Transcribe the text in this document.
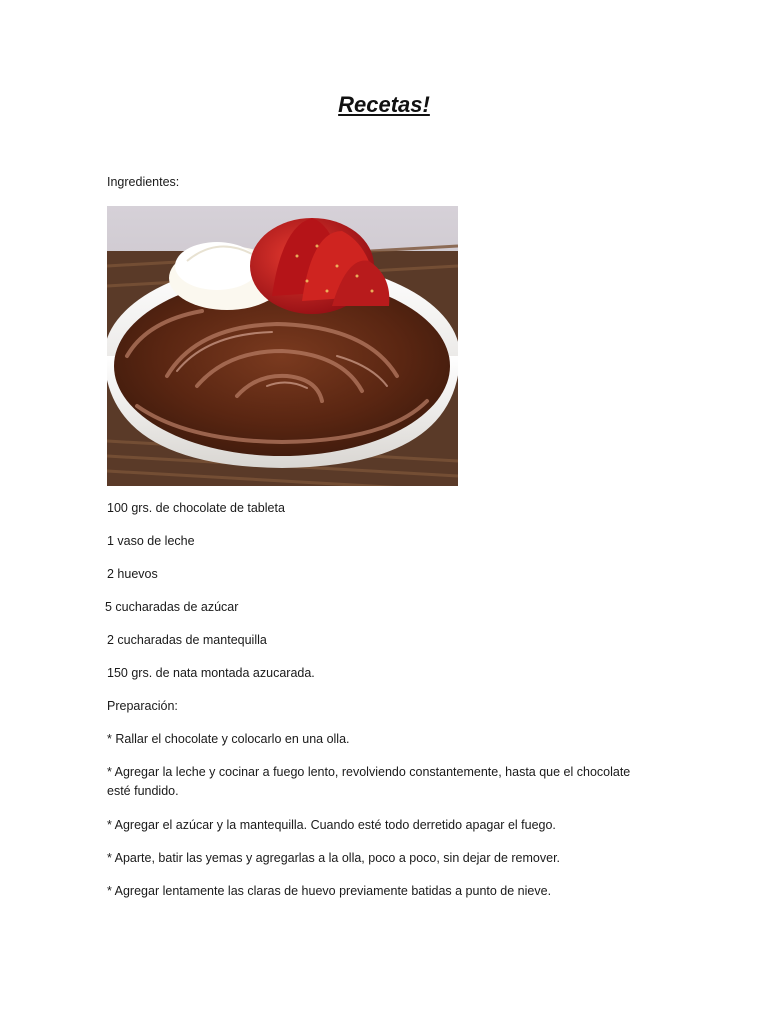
Recetas!
Ingredientes:
100 grs. de chocolate de tableta
1 vaso de leche
2 huevos
5 cucharadas de azúcar
2 cucharadas de mantequilla
150 grs. de nata montada azucarada.
Preparación:
* Rallar el chocolate y colocarlo en una olla.
* Agregar la leche y cocinar a fuego lento, revolviendo constantemente, hasta que el chocolate esté fundido.
* Agregar el azúcar y la mantequilla. Cuando esté todo derretido apagar el fuego.
* Aparte, batir las yemas y agregarlas a la olla, poco a poco, sin dejar de remover.
* Agregar lentamente las claras de huevo previamente batidas a punto de nieve.
